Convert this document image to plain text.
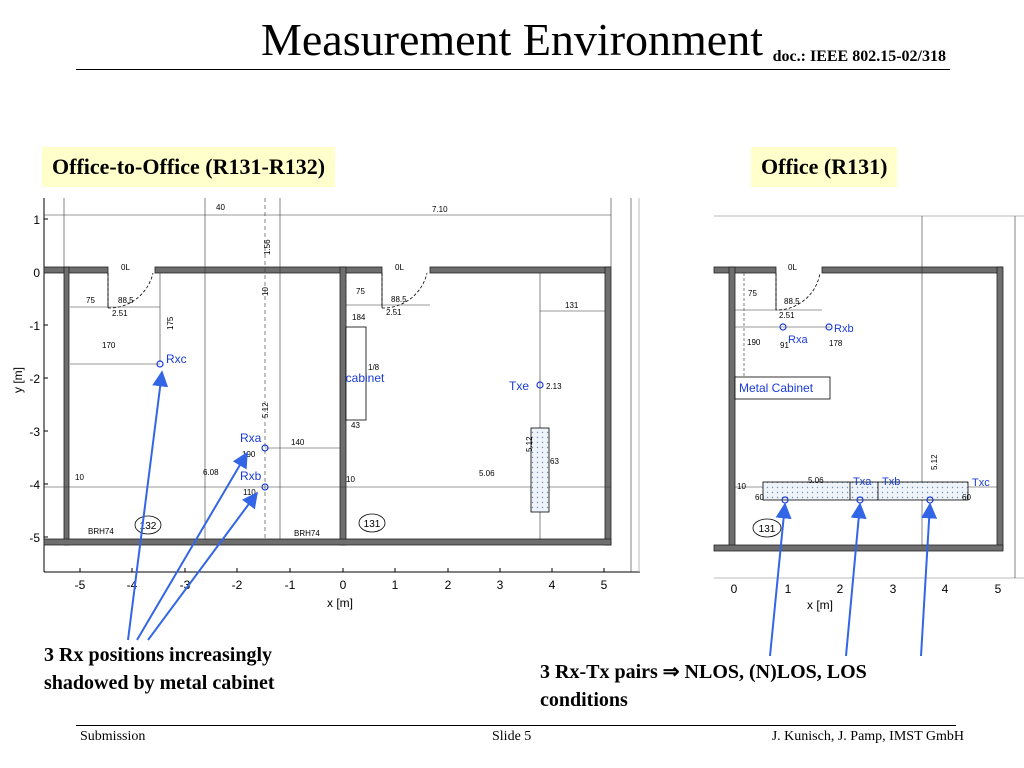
Measurement Environment doc.: IEEE 802.15-02/318
Office-to-Office (R131-R132)	Office (R131)
1
0
-1
-2
-3
-4
-5
y [m]
-5	-4	-3	-2	-1	0	1	2	3	4	5
x [m]
cabinet
40	7.10
1.56
10
0L	0L
75	88.5
2.51
175
170
75
88.5
2.51
184
131
1/8
43
2.13
5.12
5.12
140
190
110
6.08	5.06
63
10	10
BRH74	BRH74
132	131
Rxc
Rxa
Rxb
Txe
0	1	2	3	4	5
x [m]
Metal Cabinet
0L
75
88.5
2.51
190 91	178
5.06
5.12
10
60	60
131
Rxa
Rxb
Txa Txb	Txc
3 Rx positions increasingly
shadowed by metal cabinet	3 Rx-Tx pairs ⇒ NLOS, (N)LOS, LOS
conditions
Submission	Slide 5	J. Kunisch, J. Pamp, IMST GmbH
